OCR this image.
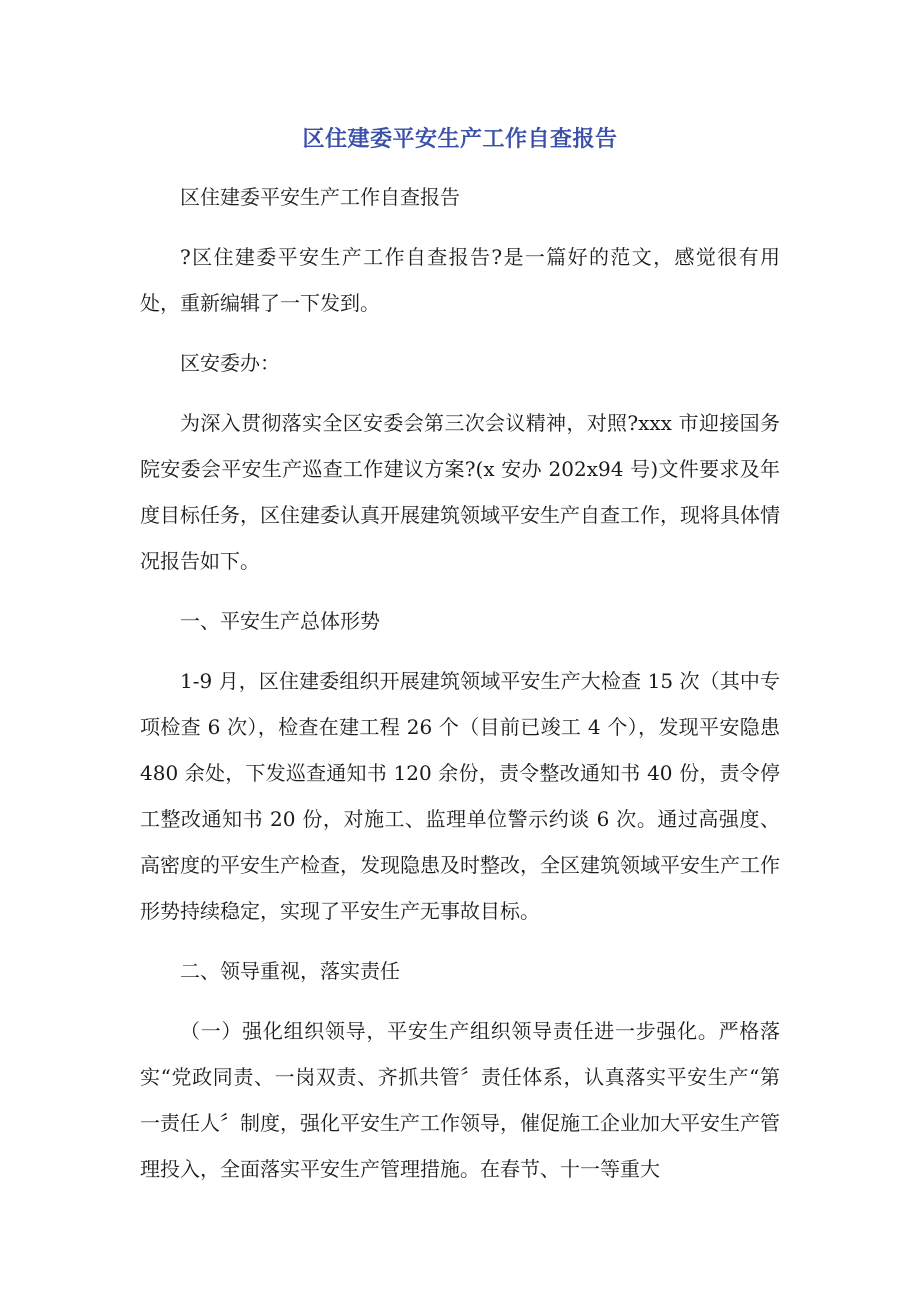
区住建委平安生产工作自查报告

区住建委平安生产工作自查报告

?区住建委平安生产工作自查报告?是一篇好的范文，感觉很有用处，重新编辑了一下发到。

区安委办：

为深入贯彻落实全区安委会第三次会议精神，对照?xxx 市迎接国务院安委会平安生产巡查工作建议方案?(x 安办 202x94 号)文件要求及年度目标任务，区住建委认真开展建筑领域平安生产自查工作，现将具体情况报告如下。

一、平安生产总体形势

1-9 月，区住建委组织开展建筑领域平安生产大检查 15 次（其中专项检查 6 次），检查在建工程 26 个（目前已竣工 4 个），发现平安隐患 480 余处，下发巡查通知书 120 余份，责令整改通知书 40 份，责令停工整改通知书 20 份，对施工、监理单位警示约谈 6 次。通过高强度、高密度的平安生产检查，发现隐患及时整改，全区建筑领域平安生产工作形势持续稳定，实现了平安生产无事故目标。

二、领导重视，落实责任

（一）强化组织领导，平安生产组织领导责任进一步强化。严格落实“党政同责、一岗双责、齐抓共管〞责任体系，认真落实平安生产“第一责任人〞制度，强化平安生产工作领导，催促施工企业加大平安生产管理投入，全面落实平安生产管理措施。在春节、十一等重大
